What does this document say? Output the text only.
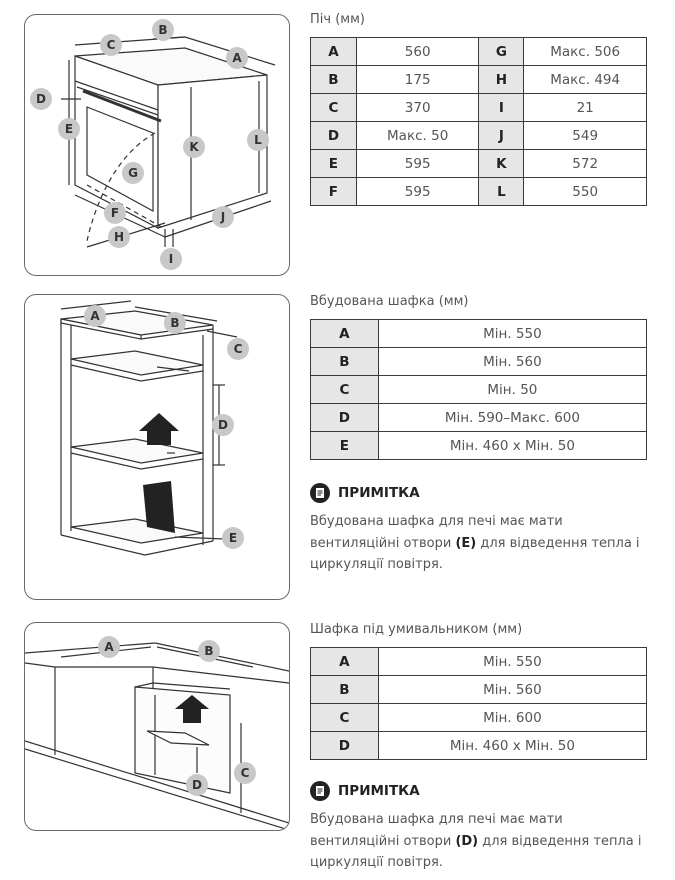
A
B
C
D
E
F
G
H
I
J
K	L
Піч (мм)
A	560	G	Макс. 506
B	175	H	Макс. 494
C	370	I	21
D	Макс. 50	J	549
E	595	K	572
F	595	L	550
A	B
C
D
E
Вбудована шафка (мм)
A	Мін. 550
B	Мін. 560
C	Мін. 50
D	Мін. 590–Макс. 600
E	Мін. 460 x Мін. 50
ПРИМІТКА
Вбудована шафка для печі має мати вентиляційні отвори (E) для відведення тепла і циркуляції повітря.
A	B
C
D
Шафка під умивальником (мм)
A	Мін. 550
B	Мін. 560
C	Мін. 600
D	Мін. 460 x Мін. 50
ПРИМІТКА
Вбудована шафка для печі має мати вентиляційні отвори (D) для відведення тепла і циркуляції повітря.
